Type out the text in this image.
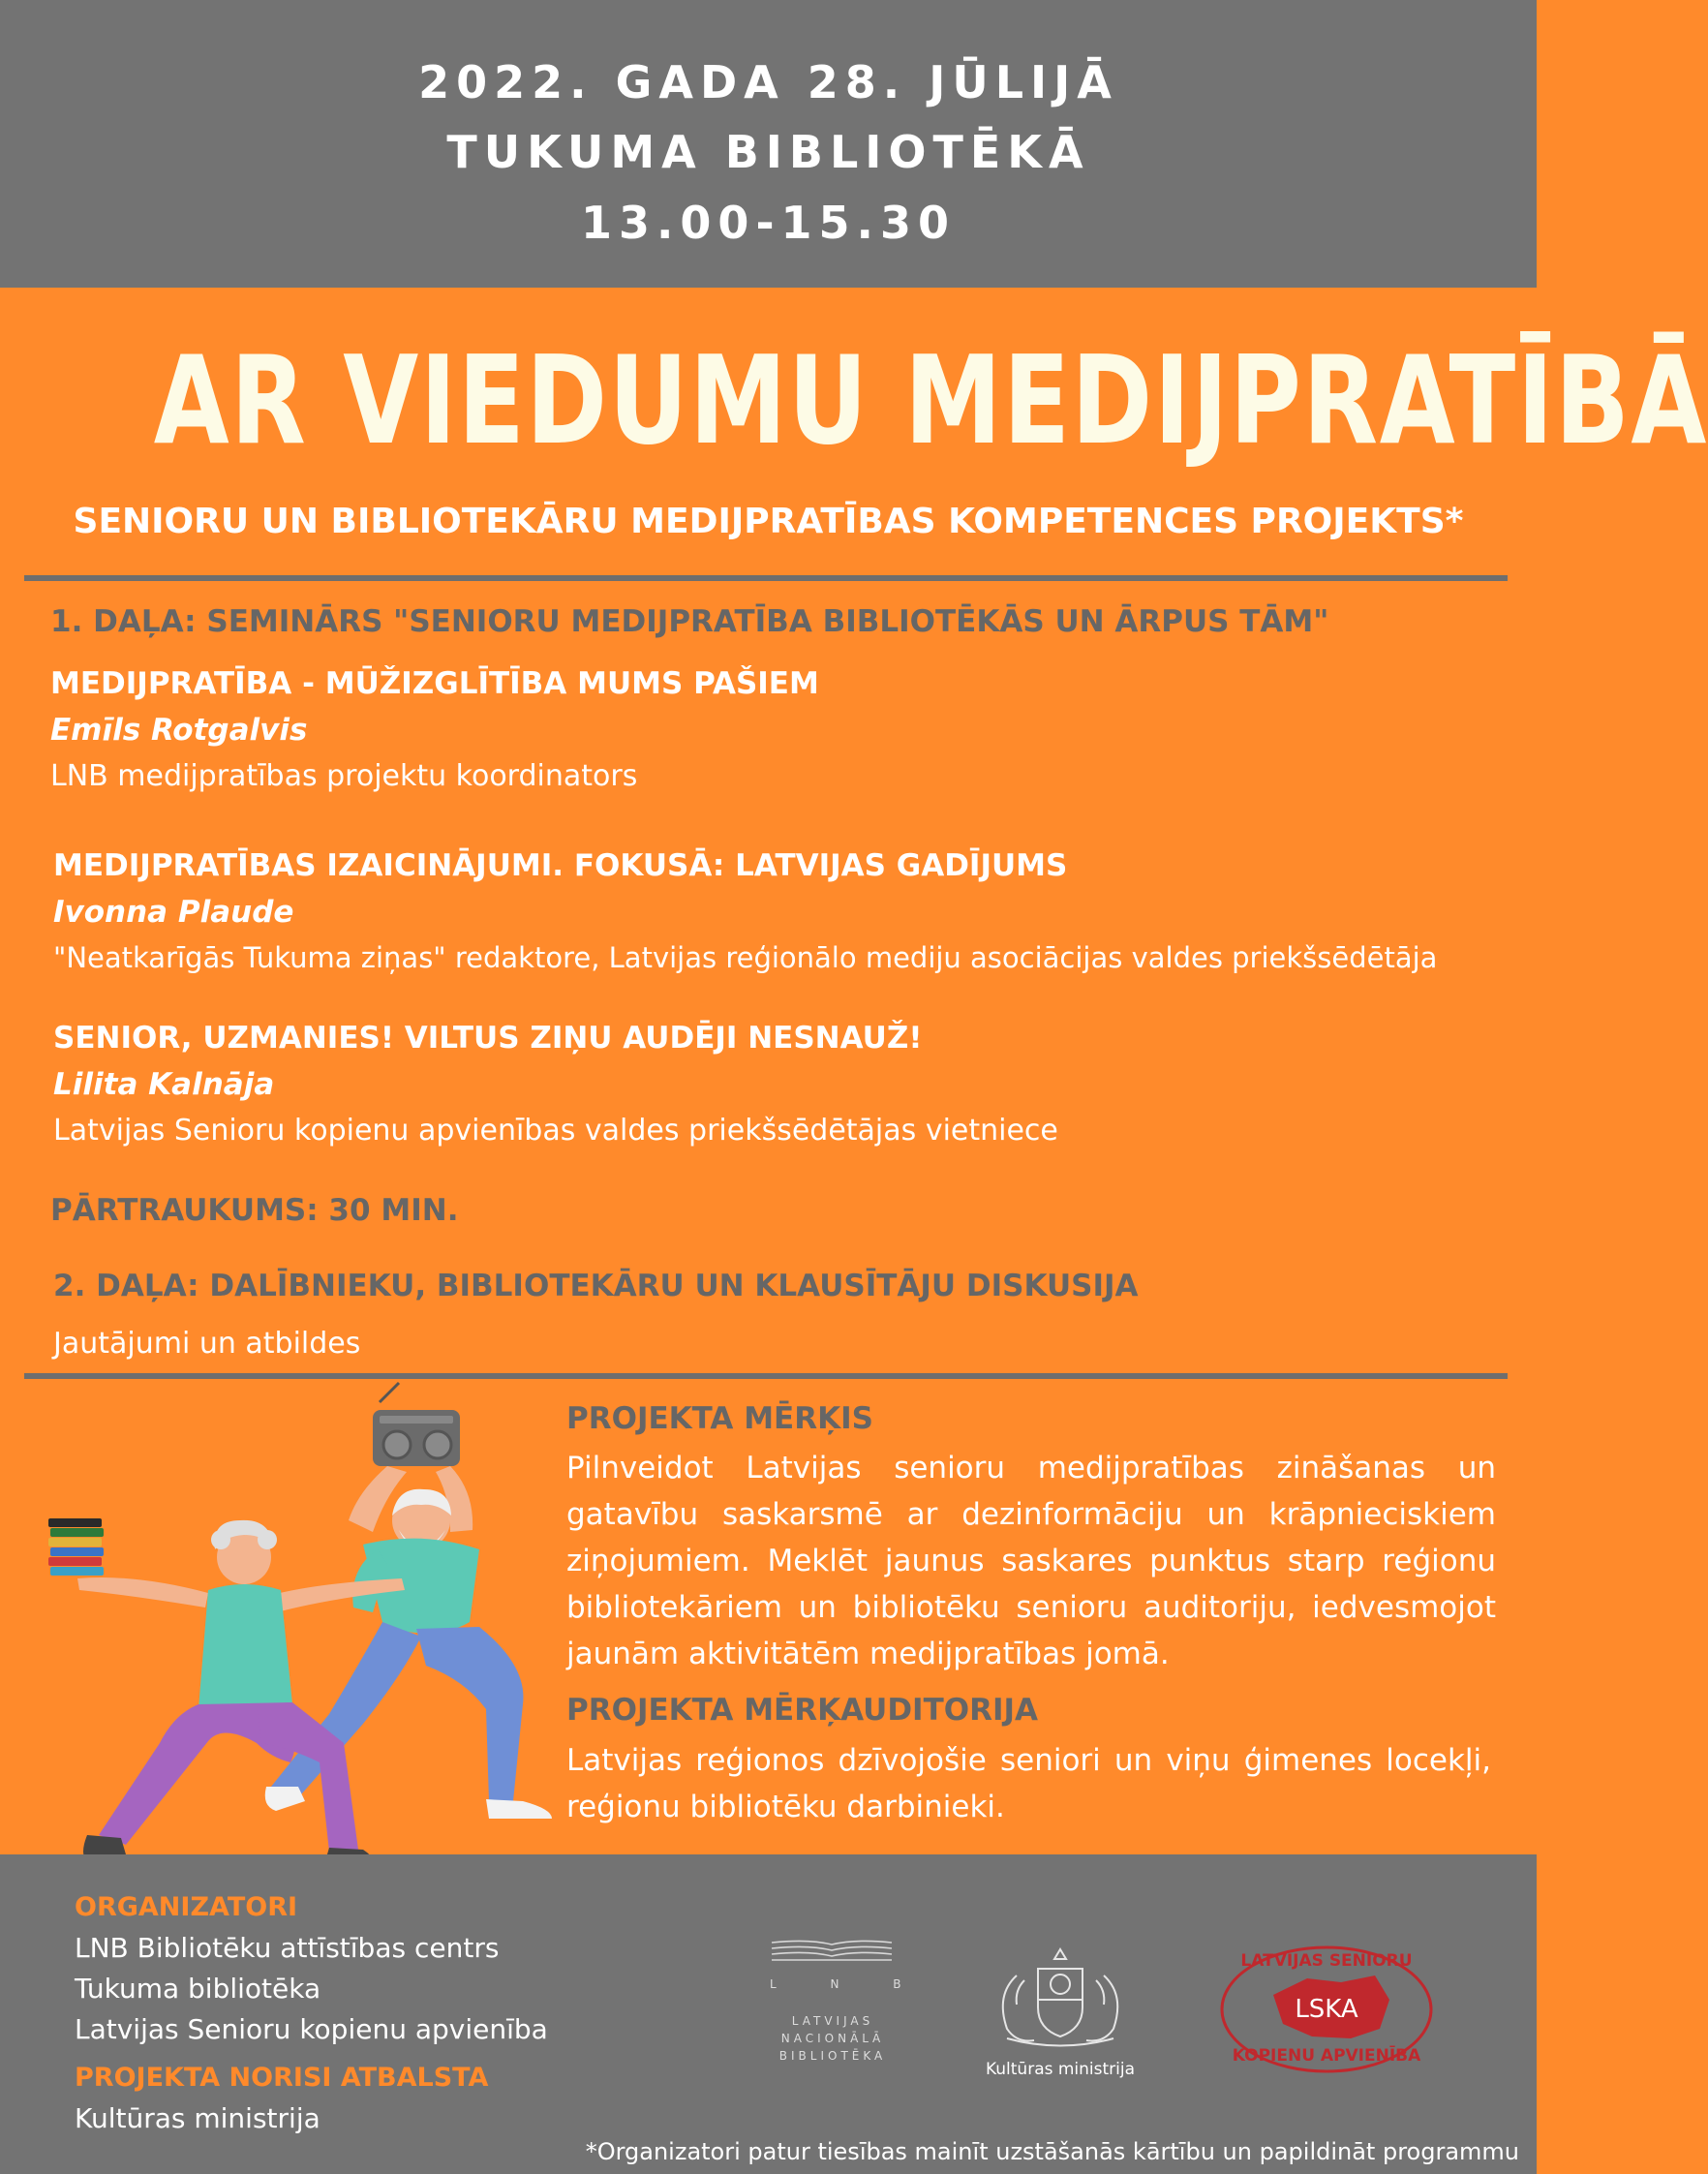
2022. GADA 28. JŪLIJĀ
TUKUMA BIBLIOTĒKĀ
13.00-15.30
AR VIEDUMU MEDIJPRATĪBĀ
SENIORU UN BIBLIOTEKĀRU MEDIJPRATĪBAS KOMPETENCES PROJEKTS*
1. DAĻA: SEMINĀRS "SENIORU MEDIJPRATĪBA BIBLIOTĒKĀS UN ĀRPUS TĀM"
MEDIJPRATĪBA - MŪŽIZGLĪTĪBA MUMS PAŠIEM
Emīls Rotgalvis
LNB medijpratības projektu koordinators
MEDIJPRATĪBAS IZAICINĀJUMI. FOKUSĀ: LATVIJAS GADĪJUMS
Ivonna Plaude
"Neatkarīgās Tukuma ziņas" redaktore, Latvijas reģionālo mediju asociācijas valdes priekšsēdētāja
SENIOR, UZMANIES! VILTUS ZIŅU AUDĒJI NESNAUŽ!
Lilita Kalnāja
Latvijas Senioru kopienu apvienības valdes priekšsēdētājas vietniece
PĀRTRAUKUMS: 30 MIN.
2. DAĻA: DALĪBNIEKU, BIBLIOTEKĀRU UN KLAUSĪTĀJU DISKUSIJA
Jautājumi un atbildes
PROJEKTA MĒRĶIS
Pilnveidot Latvijas senioru medijpratības zināšanas un gatavību saskarsmē ar dezinformāciju un krāpnieciskiem ziņojumiem. Meklēt jaunus saskares punktus starp reģionu bibliotekāriem un bibliotēku senioru auditoriju, iedvesmojot jaunām aktivitātēm medijpratības jomā.
PROJEKTA MĒRĶAUDITORIJA
Latvijas reģionos dzīvojošie seniori un viņu ģimenes locekļi, reģionu bibliotēku darbinieki.
ORGANIZATORI
LNB Bibliotēku attīstības centrs
Tukuma bibliotēka
Latvijas Senioru kopienu apvienība
PROJEKTA NORISI ATBALSTA
Kultūras ministrija
L N B
LATVIJAS
NACIONĀLĀ
BIBLIOTĒKA
Kultūras ministrija
LATVIJAS SENIORU
LSKA
KOPIENU APVIENĪBA
*Organizatori patur tiesības mainīt uzstāšanās kārtību un papildināt programmu
